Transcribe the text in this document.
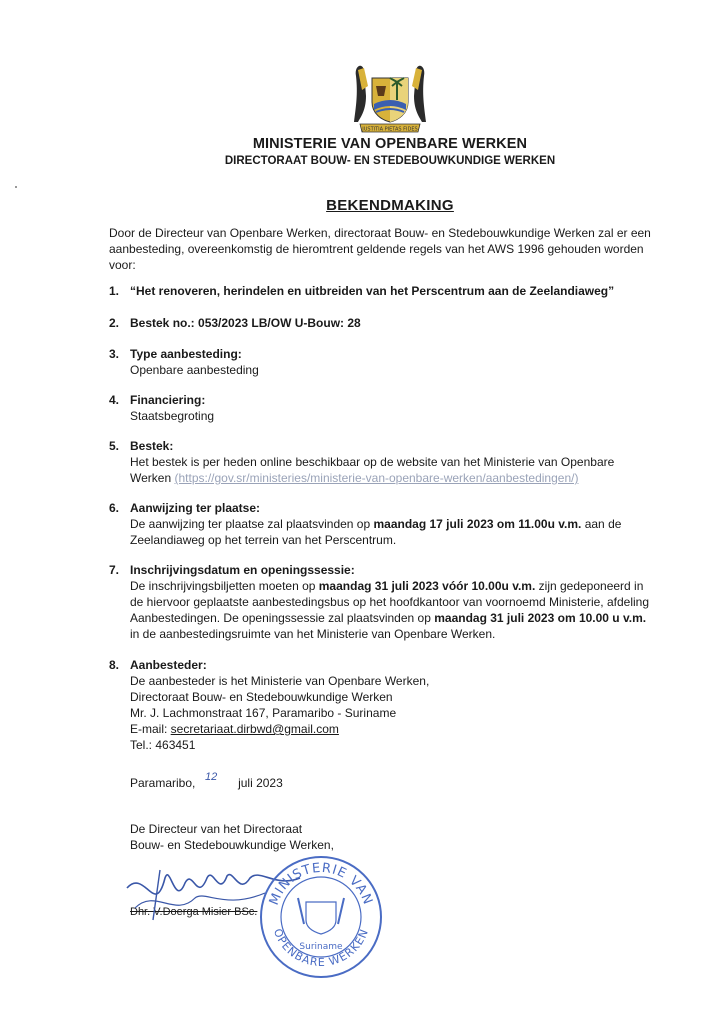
JUSTITIA PIETAS FIDES
MINISTERIE VAN OPENBARE WERKEN
DIRECTORAAT BOUW- EN STEDEBOUWKUNDIGE WERKEN
BEKENDMAKING
Door de Directeur van Openbare Werken, directoraat Bouw- en Stedebouwkundige Werken zal er een aanbesteding, overeenkomstig de hieromtrent geldende regels van het AWS 1996 gehouden worden voor:
1. “Het renoveren, herindelen en uitbreiden van het Perscentrum aan de Zeelandiaweg”
2. Bestek no.: 053/2023 LB/OW U-Bouw: 28
3. Type aanbesteding:
Openbare aanbesteding
4. Financiering:
Staatsbegroting
5. Bestek:
Het bestek is per heden online beschikbaar op de website van het Ministerie van Openbare Werken (https://gov.sr/ministeries/ministerie-van-openbare-werken/aanbestedingen/)
6. Aanwijzing ter plaatse:
De aanwijzing ter plaatse zal plaatsvinden op maandag 17 juli 2023 om 11.00u v.m. aan de Zeelandiaweg op het terrein van het Perscentrum.
7. Inschrijvingsdatum en openingssessie:
De inschrijvingsbiljetten moeten op maandag 31 juli 2023 vóór 10.00u v.m. zijn gedeponeerd in de hiervoor geplaatste aanbestedingsbus op het hoofdkantoor van voornoemd Ministerie, afdeling Aanbestedingen. De openingssessie zal plaatsvinden op maandag 31 juli 2023 om 10.00 u v.m. in de aanbestedingsruimte van het Ministerie van Openbare Werken.
8. Aanbesteder:
De aanbesteder is het Ministerie van Openbare Werken,
Directoraat Bouw- en Stedebouwkundige Werken
Mr. J. Lachmonstraat 167, Paramaribo - Suriname
E-mail: secretariaat.dirbwd@gmail.com
Tel.: 463451
Paramaribo,	juli 2023
12
De Directeur van het Directoraat
Bouw- en Stedebouwkundige Werken,
Dhr. V.Doerga Misier BSc.
MINISTERIE VAN
OPENBARE WERKEN
Suriname
